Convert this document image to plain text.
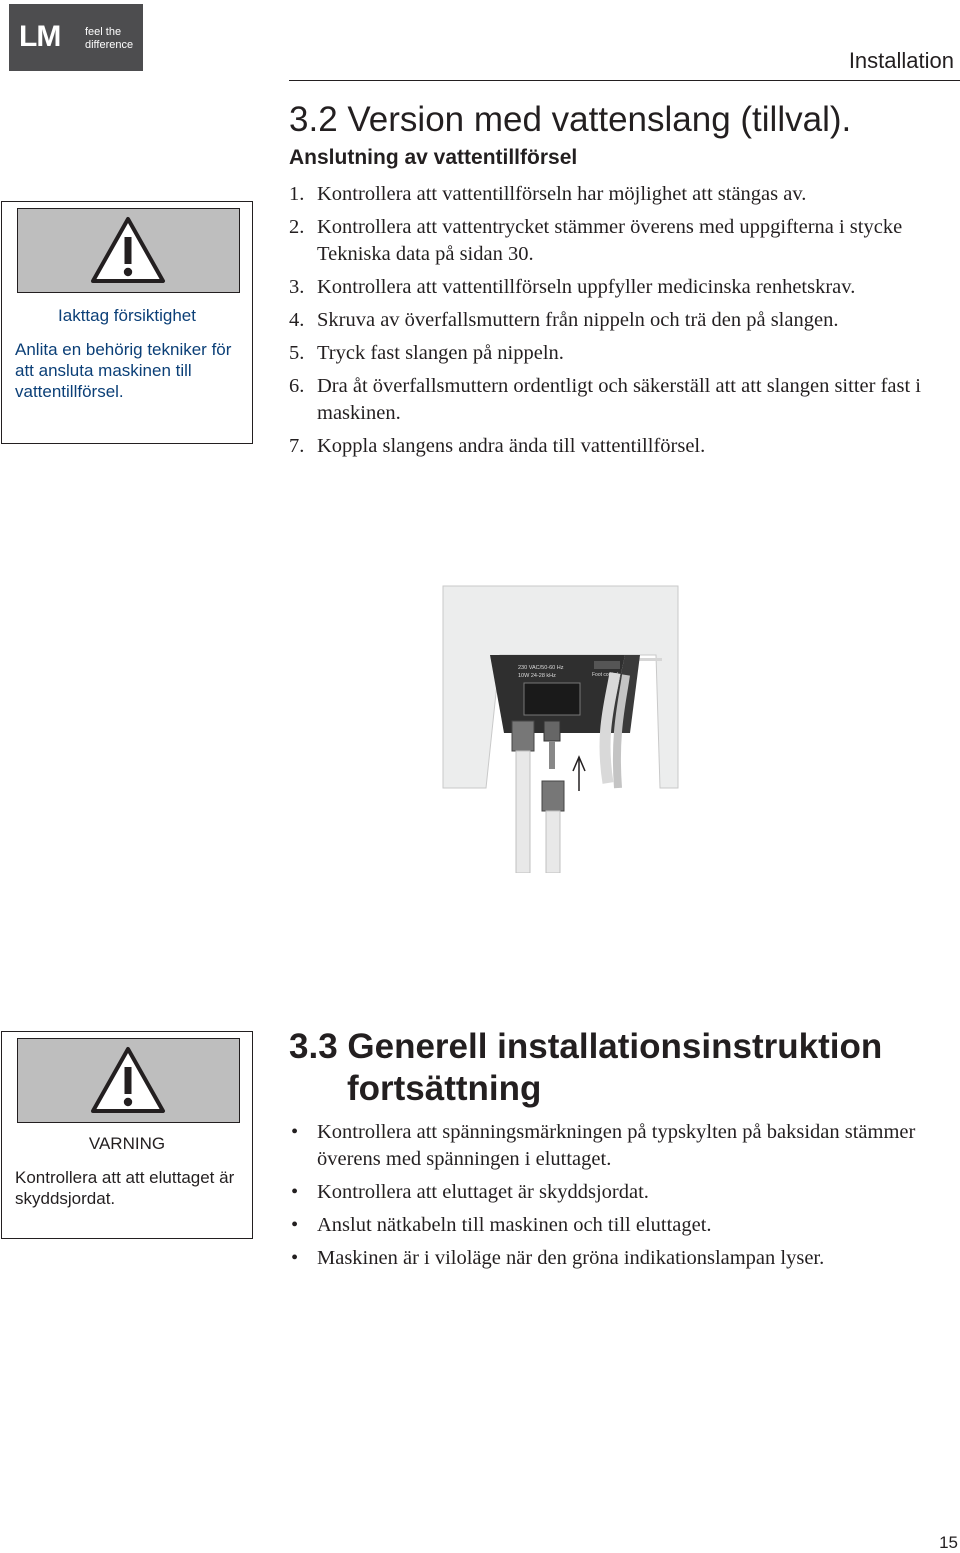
LM feel the
difference
Installation
3.2 Version med vattenslang (tillval).
Anslutning av vattentillförsel
1. Kontrollera att vattentillförseln har möjlighet att stängas av.
2. Kontrollera att vattentrycket stämmer överens med uppgifterna i stycke Tekniska data på sidan 30.
3. Kontrollera att vattentillförseln uppfyller medicinska renhetskrav.
4. Skruva av överfallsmuttern från nippeln och trä den på slangen.
5. Tryck fast slangen på nippeln.
6. Dra åt överfallsmuttern ordentligt och säkerställ att att slangen sitter fast i maskinen.
7. Koppla slangens andra ända till vattentillförsel.
Iakttag försiktighet
Anlita en behörig tekniker för att ansluta maskinen till vattentillförsel.
230 VAC/50-60 Hz
10W 24-28 kHz	Foot control
VARNING
Kontrollera att att eluttaget är skyddsjordat.
3.3 Generell installationsinstruktion
fortsättning
• Kontrollera att spänningsmärkningen på typskylten på baksidan stämmer överens med spänningen i eluttaget.
• Kontrollera att eluttaget är skyddsjordat.
• Anslut nätkabeln till maskinen och till eluttaget.
• Maskinen är i viloläge när den gröna indikationslampan lyser.
15
